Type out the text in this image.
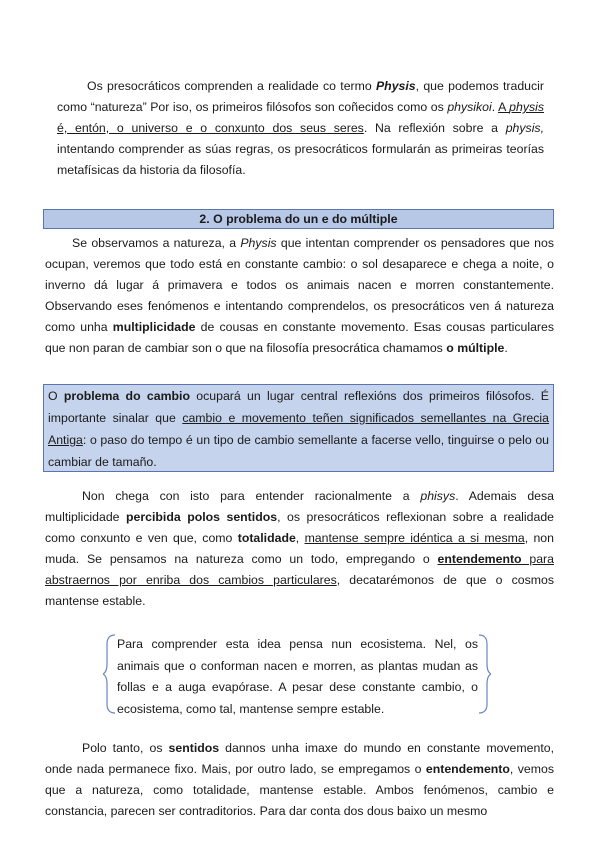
Os presocráticos comprenden a realidade co termo Physis, que podemos traducir como “natureza” Por iso, os primeiros filósofos son coñecidos como os physikoi. A physis é, entón, o universo e o conxunto dos seus seres. Na reflexión sobre a physis, intentando comprender as súas regras, os presocráticos formularán as primeiras teorías metafísicas da historia da filosofía.

2. O problema do un e do múltiple

Se observamos a natureza, a Physis que intentan comprender os pensadores que nos ocupan, veremos que todo está en constante cambio: o sol desaparece e chega a noite, o inverno dá lugar á primavera e todos os animais nacen e morren constantemente. Observando eses fenómenos e intentando comprendelos, os presocráticos ven á natureza como unha multiplicidade de cousas en constante movemento. Esas cousas particulares que non paran de cambiar son o que na filosofía presocrática chamamos o múltiple.

O problema do cambio ocupará un lugar central reflexións dos primeiros filósofos. É importante sinalar que cambio e movemento teñen significados semellantes na Grecia Antiga: o paso do tempo é un tipo de cambio semellante a facerse vello, tinguirse o pelo ou cambiar de tamaño.

Non chega con isto para entender racionalmente a phisys. Ademais desa multiplicidade percibida polos sentidos, os presocráticos reflexionan sobre a realidade como conxunto e ven que, como totalidade, mantense sempre idéntica a si mesma, non muda. Se pensamos na natureza como un todo, empregando o entendemento para abstraernos por enriba dos cambios particulares, decatarémonos de que o cosmos mantense estable.

Para comprender esta idea pensa nun ecosistema. Nel, os animais que o conforman nacen e morren, as plantas mudan as follas e a auga evapórase. A pesar dese constante cambio, o ecosistema, como tal, mantense sempre estable.

Polo tanto, os sentidos dannos unha imaxe do mundo en constante movemento, onde nada permanece fixo. Mais, por outro lado, se empregamos o entendemento, vemos que a natureza, como totalidade, mantense estable. Ambos fenómenos, cambio e constancia, parecen ser contraditorios. Para dar conta dos dous baixo un mesmo
